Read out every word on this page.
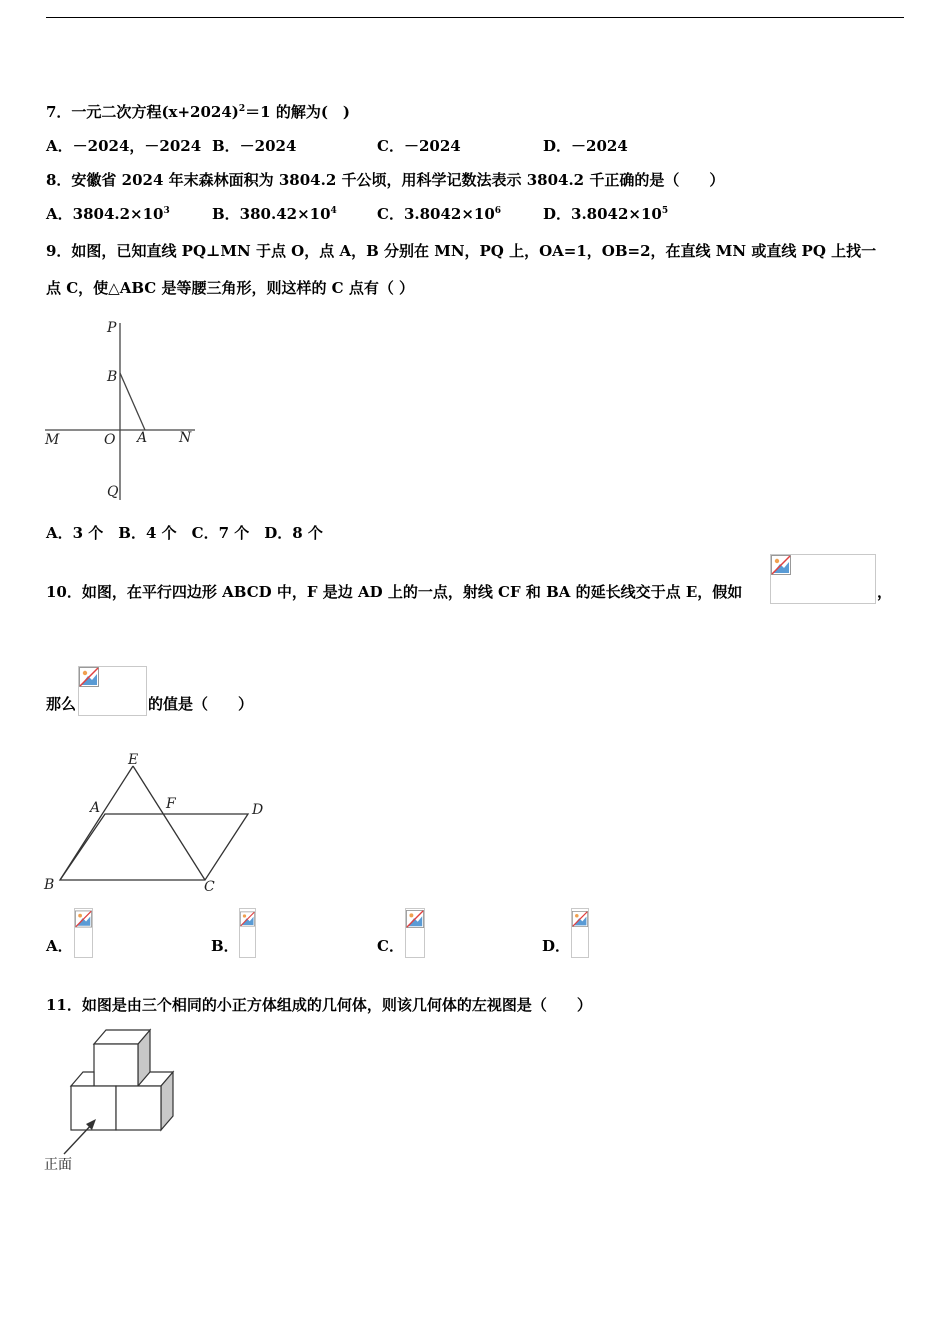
7．一元二次方程$(x+2024)^2=1$ 的解为(　)
A．－2024，－2024 B．－2024	C．－2024	D．－2024
8．安徽省 2024 年末森林面积为 3804.2 千公顷，用科学记数法表示 3804.2 千正确的是（　　）
A．$3804.2\times 10^3$	B．$380.42\times 10^4$	C．$3.8042\times 10^6$	D．$3.8042\times 10^5$
9．如图，已知直线 PQ⊥MN 于点 O，点 A，B 分别在 MN，PQ 上，OA=1，OB=2，在直线 MN 或直线 PQ 上找一
点 C，使△ABC 是等腰三角形，则这样的 C 点有（ ）
P
B
M	O A N
Q
A．3 个　B．4 个　C．7 个　D．8 个
10．如图，在平行四边形 ABCD 中，F 是边 AD 上的一点，射线 CF 和 BA 的延长线交于点 E，假如	，
那么	的值是（　　）
E
A	F	D
B	C
A．	B．	C．	D．
11．如图是由三个相同的小正方体组成的几何体，则该几何体的左视图是（　　）
正面
